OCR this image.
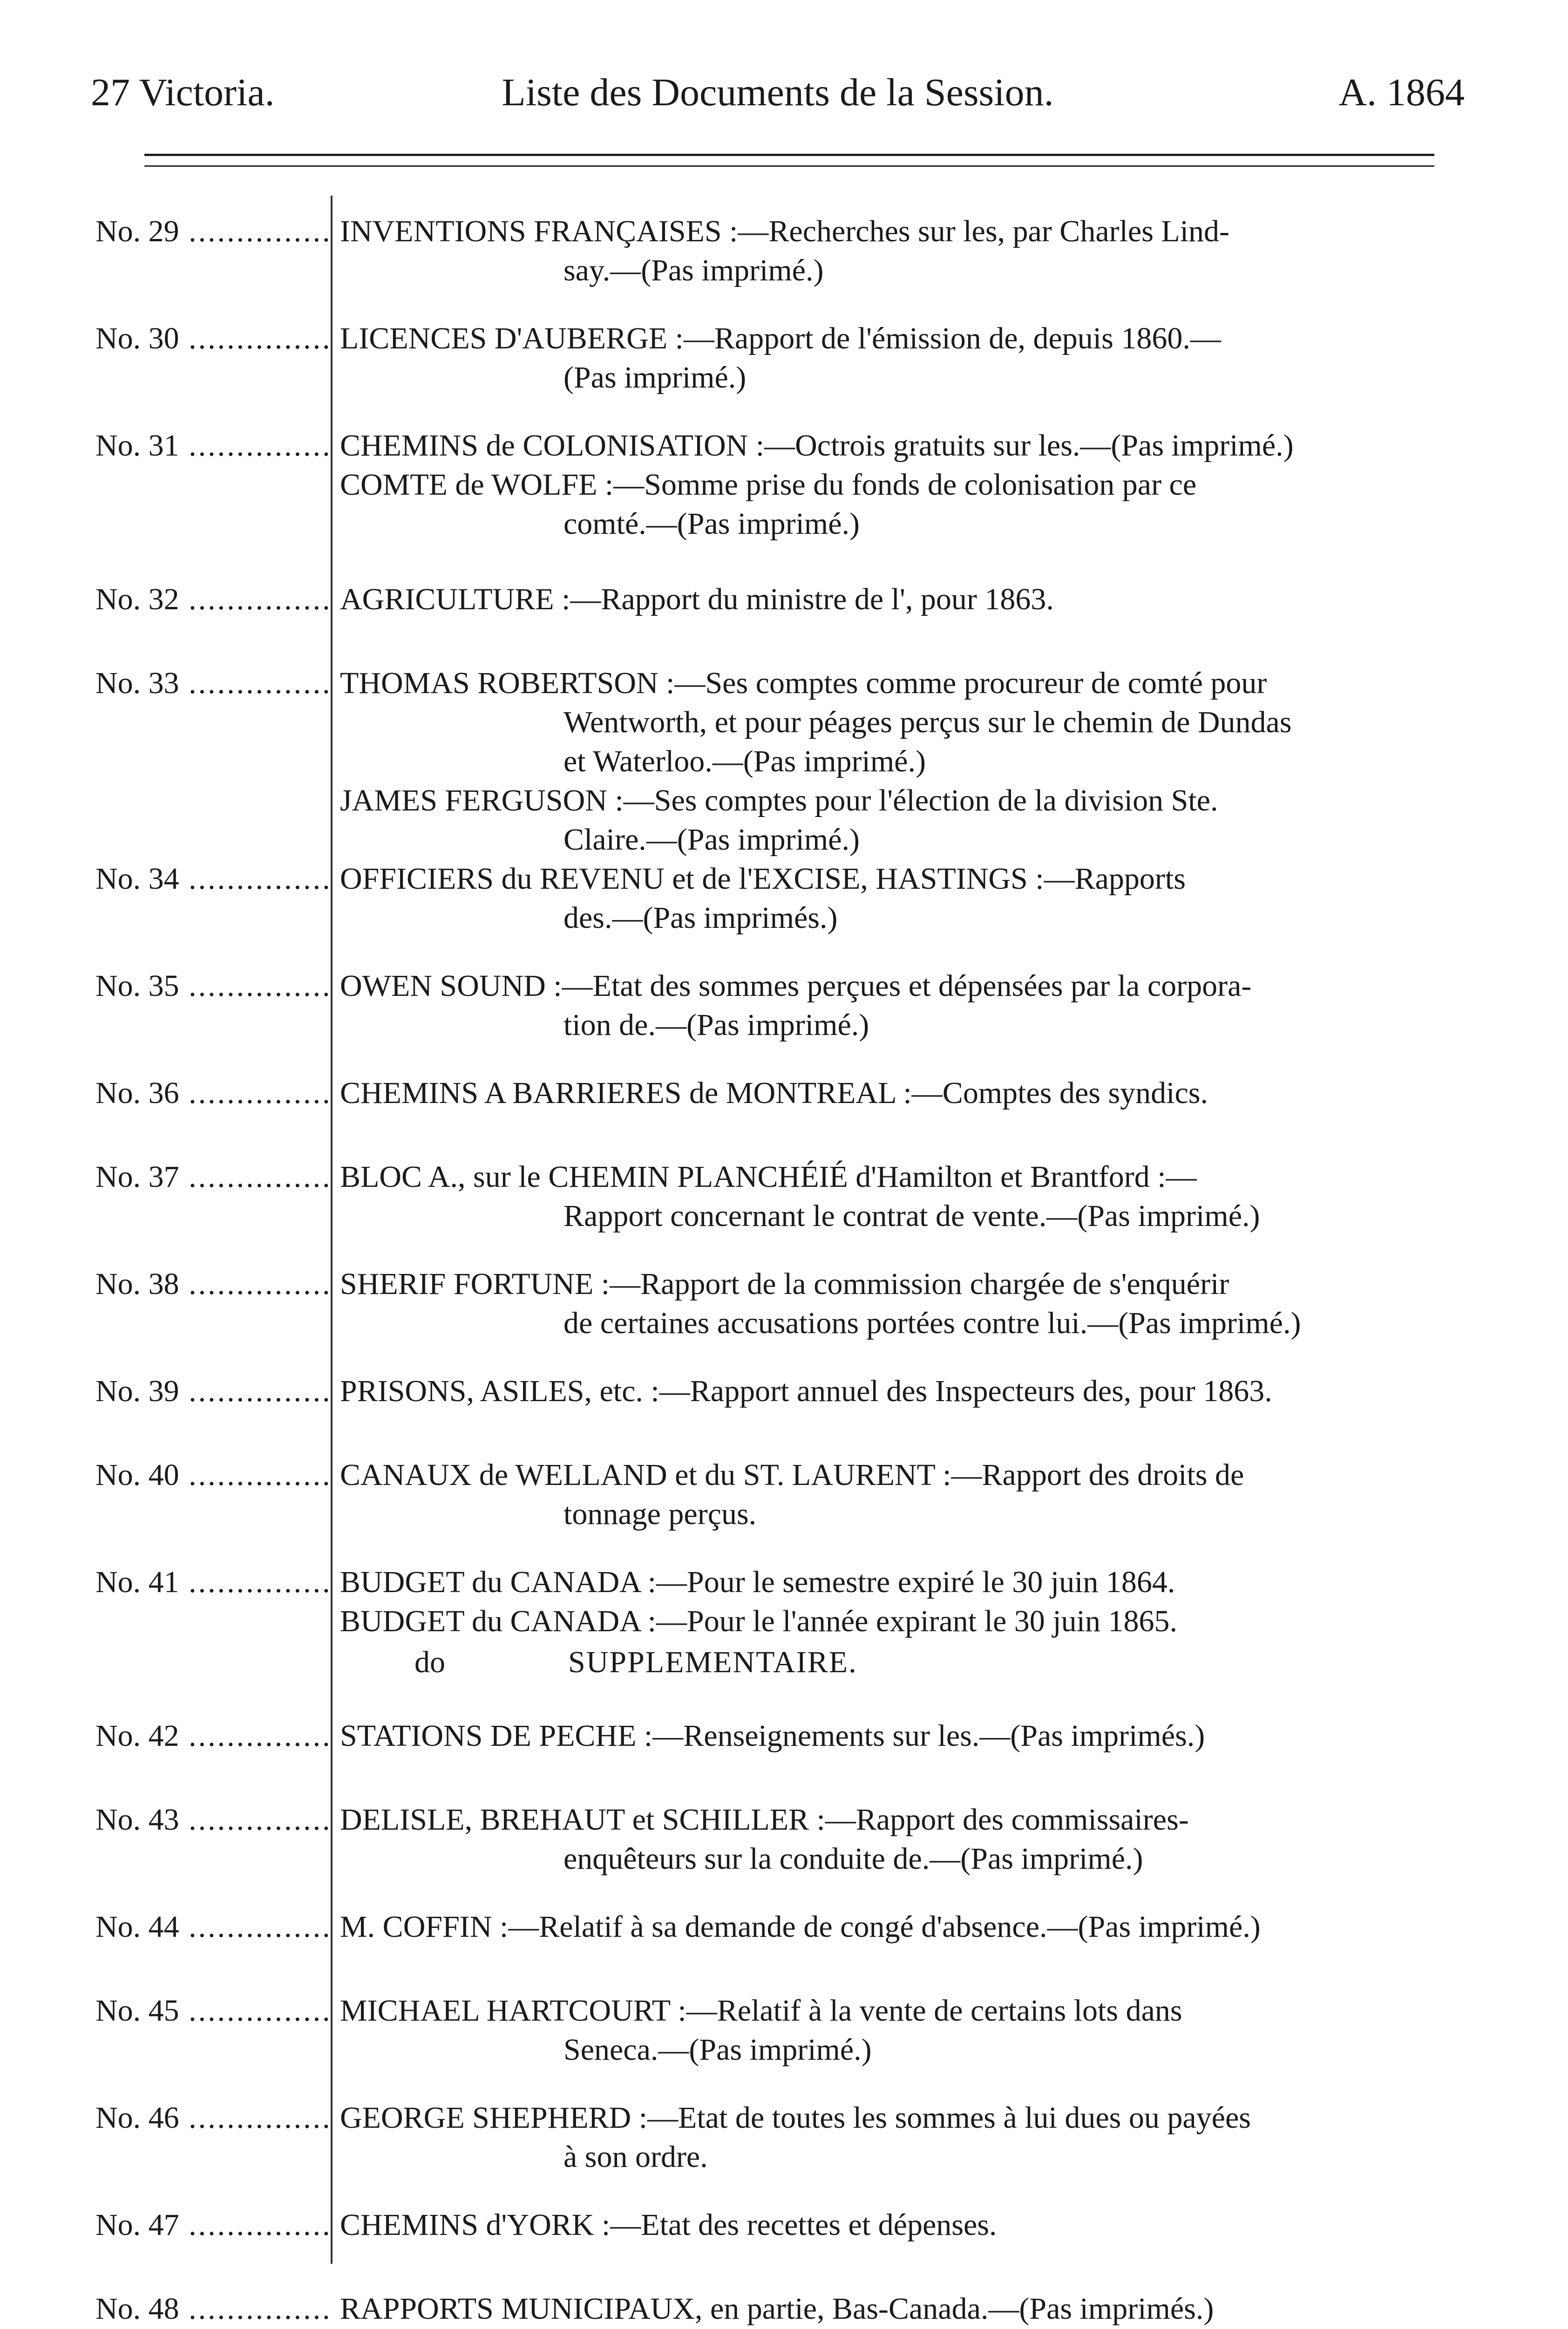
27 Victoria.	Liste des Documents de la Session.	A. 1864
No. 29 .....	INVENTIONS FRANÇAISES :—Recherches sur les, par Charles Lind-
say.—(Pas imprimé.)
No. 30 .....	LICENCES D'AUBERGE :—Rapport de l'émission de, depuis 1860.—
(Pas imprimé.)
No. 31 .....	CHEMINS de COLONISATION :—Octrois gratuits sur les.—(Pas imprimé.)
COMTE de WOLFE :—Somme prise du fonds de colonisation par ce
comté.—(Pas imprimé.)
No. 32 .....	AGRICULTURE :—Rapport du ministre de l', pour 1863.
No. 33 .....	THOMAS ROBERTSON :—Ses comptes comme procureur de comté pour
Wentworth, et pour péages perçus sur le chemin de Dundas
et Waterloo.—(Pas imprimé.)
JAMES FERGUSON :—Ses comptes pour l'élection de la division Ste.
Claire.—(Pas imprimé.)
No. 34 .....	OFFICIERS du REVENU et de l'EXCISE, HASTINGS :—Rapports
des.—(Pas imprimés.)
No. 35 .....	OWEN SOUND :—Etat des sommes perçues et dépensées par la corpora-
tion de.—(Pas imprimé.)
No. 36 .....	CHEMINS A BARRIERES de MONTREAL :—Comptes des syndics.
No. 37 .....	BLOC A., sur le CHEMIN PLANCHÉIÉ d'Hamilton et Brantford :—
Rapport concernant le contrat de vente.—(Pas imprimé.)
No. 38 .....	SHERIF FORTUNE :—Rapport de la commission chargée de s'enquérir
de certaines accusations portées contre lui.—(Pas imprimé.)
No. 39 .....	PRISONS, ASILES, etc. :—Rapport annuel des Inspecteurs des, pour 1863.
No. 40 .....	CANAUX de WELLAND et du ST. LAURENT :—Rapport des droits de
tonnage perçus.
No. 41 .....	BUDGET du CANADA :—Pour le semestre expiré le 30 juin 1864.
BUDGET du CANADA :—Pour le l'année expirant le 30 juin 1865.
do	SUPPLEMENTAIRE.
No. 42 .....	STATIONS DE PECHE :—Renseignements sur les.—(Pas imprimés.)
No. 43 .....	DELISLE, BREHAUT et SCHILLER :—Rapport des commissaires-
enquêteurs sur la conduite de.—(Pas imprimé.)
No. 44 .....	M. COFFIN :—Relatif à sa demande de congé d'absence.—(Pas imprimé.)
No. 45 .....	MICHAEL HARTCOURT :—Relatif à la vente de certains lots dans
Seneca.—(Pas imprimé.)
No. 46 .....	GEORGE SHEPHERD :—Etat de toutes les sommes à lui dues ou payées
à son ordre.
No. 47 .....	CHEMINS d'YORK :—Etat des recettes et dépenses.
No. 48 .....	RAPPORTS MUNICIPAUX, en partie, Bas-Canada.—(Pas imprimés.)
